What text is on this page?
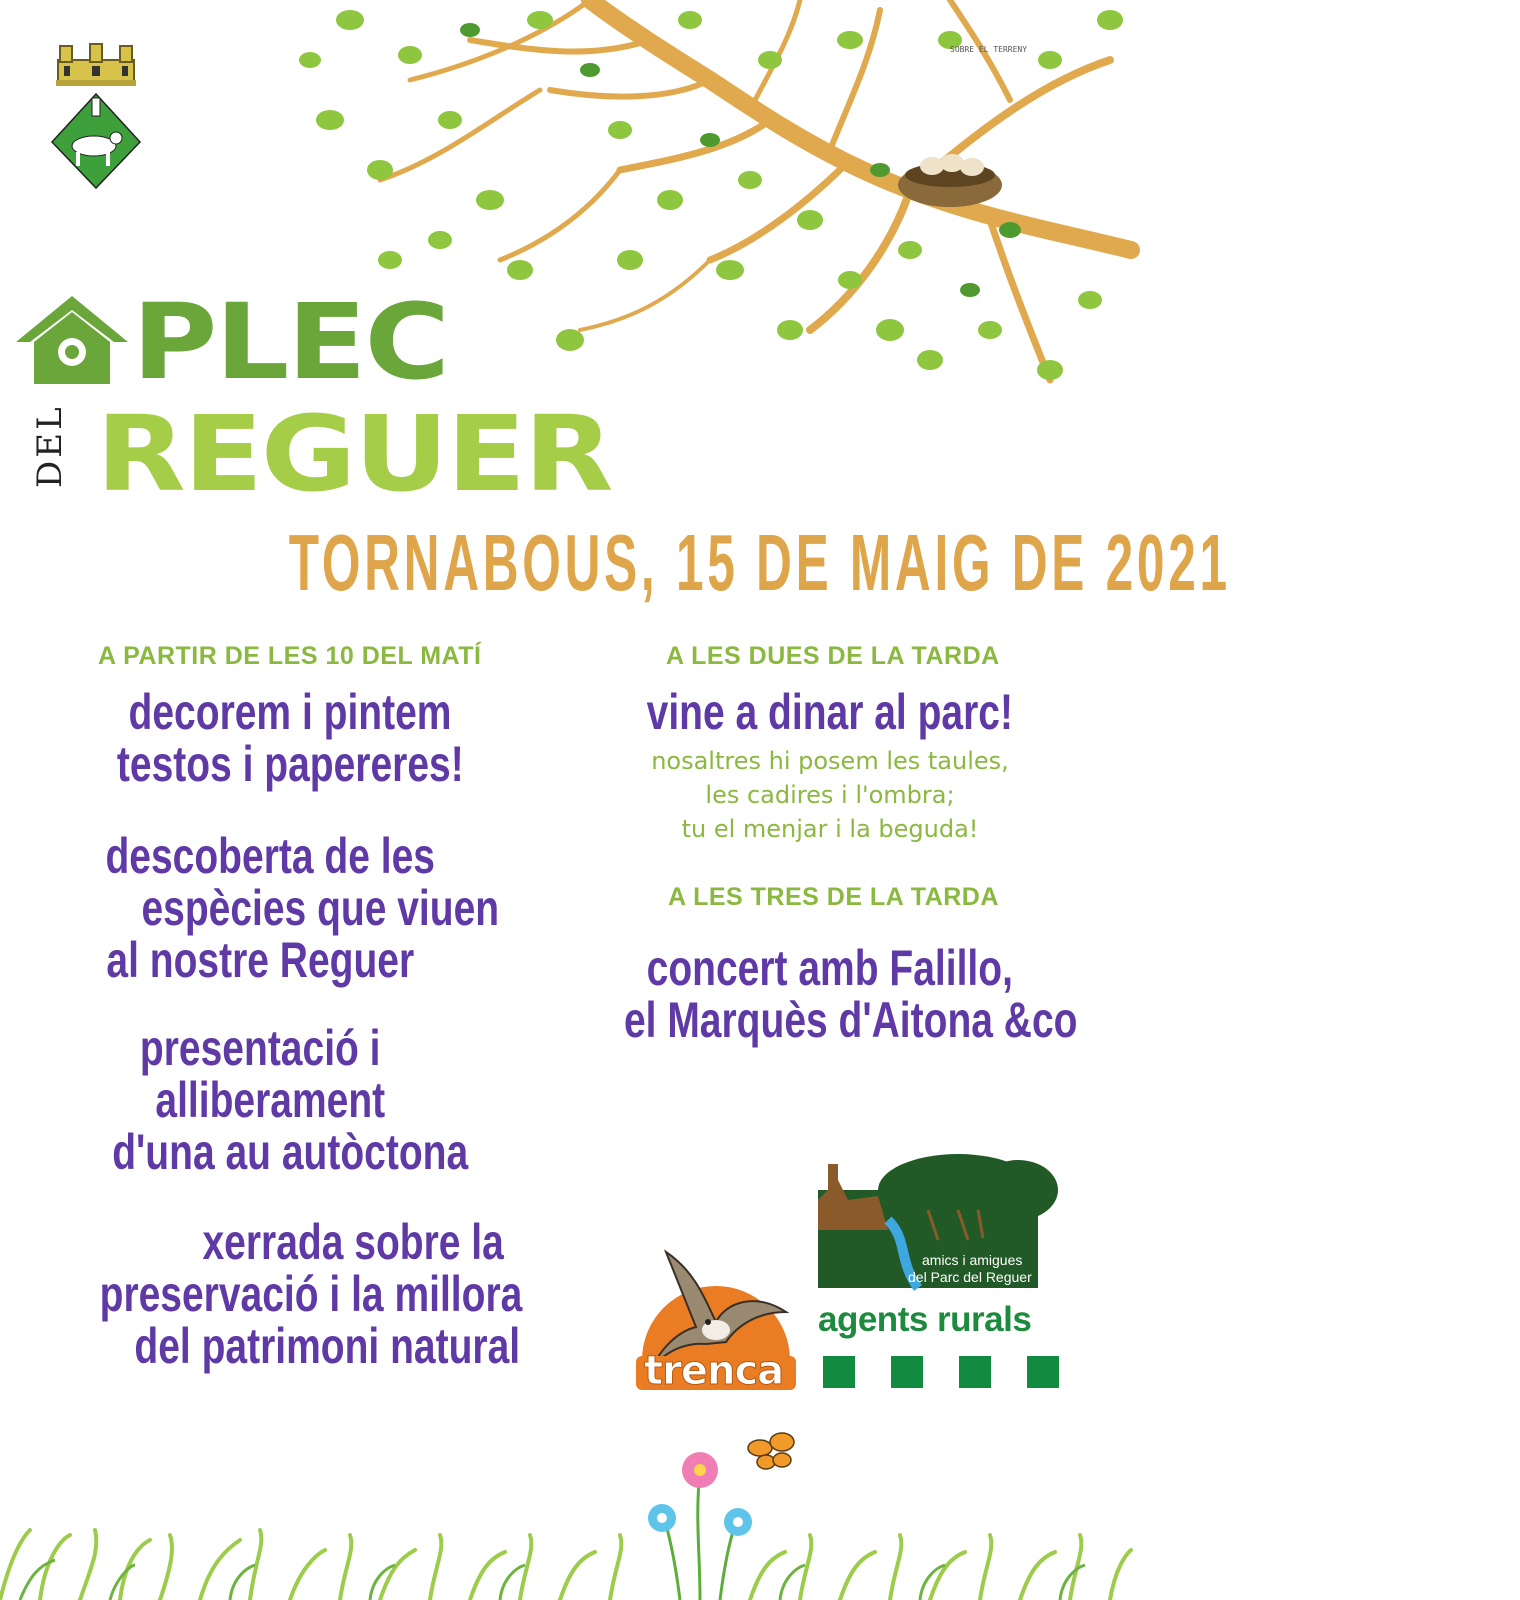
SOBRE EL TERRENY
PLEC
DEL REGUER
TORNABOUS, 15 DE MAIG DE 2021
A PARTIR DE LES 10 DEL MATÍ
decorem i pintem
testos i papereres!
descoberta de les
espècies que viuen
al nostre Reguer
presentació i
alliberament
d'una au autòctona
xerrada sobre la
preservació i la millora
del patrimoni natural
A LES DUES DE LA TARDA
vine a dinar al parc!
nosaltres hi posem les taules,
les cadires i l'ombra;
tu el menjar i la beguda!
A LES TRES DE LA TARDA
concert amb Falillo,
el Marquès d'Aitona &co
amics i amigues
del Parc del Reguer
agents rurals
trenca
